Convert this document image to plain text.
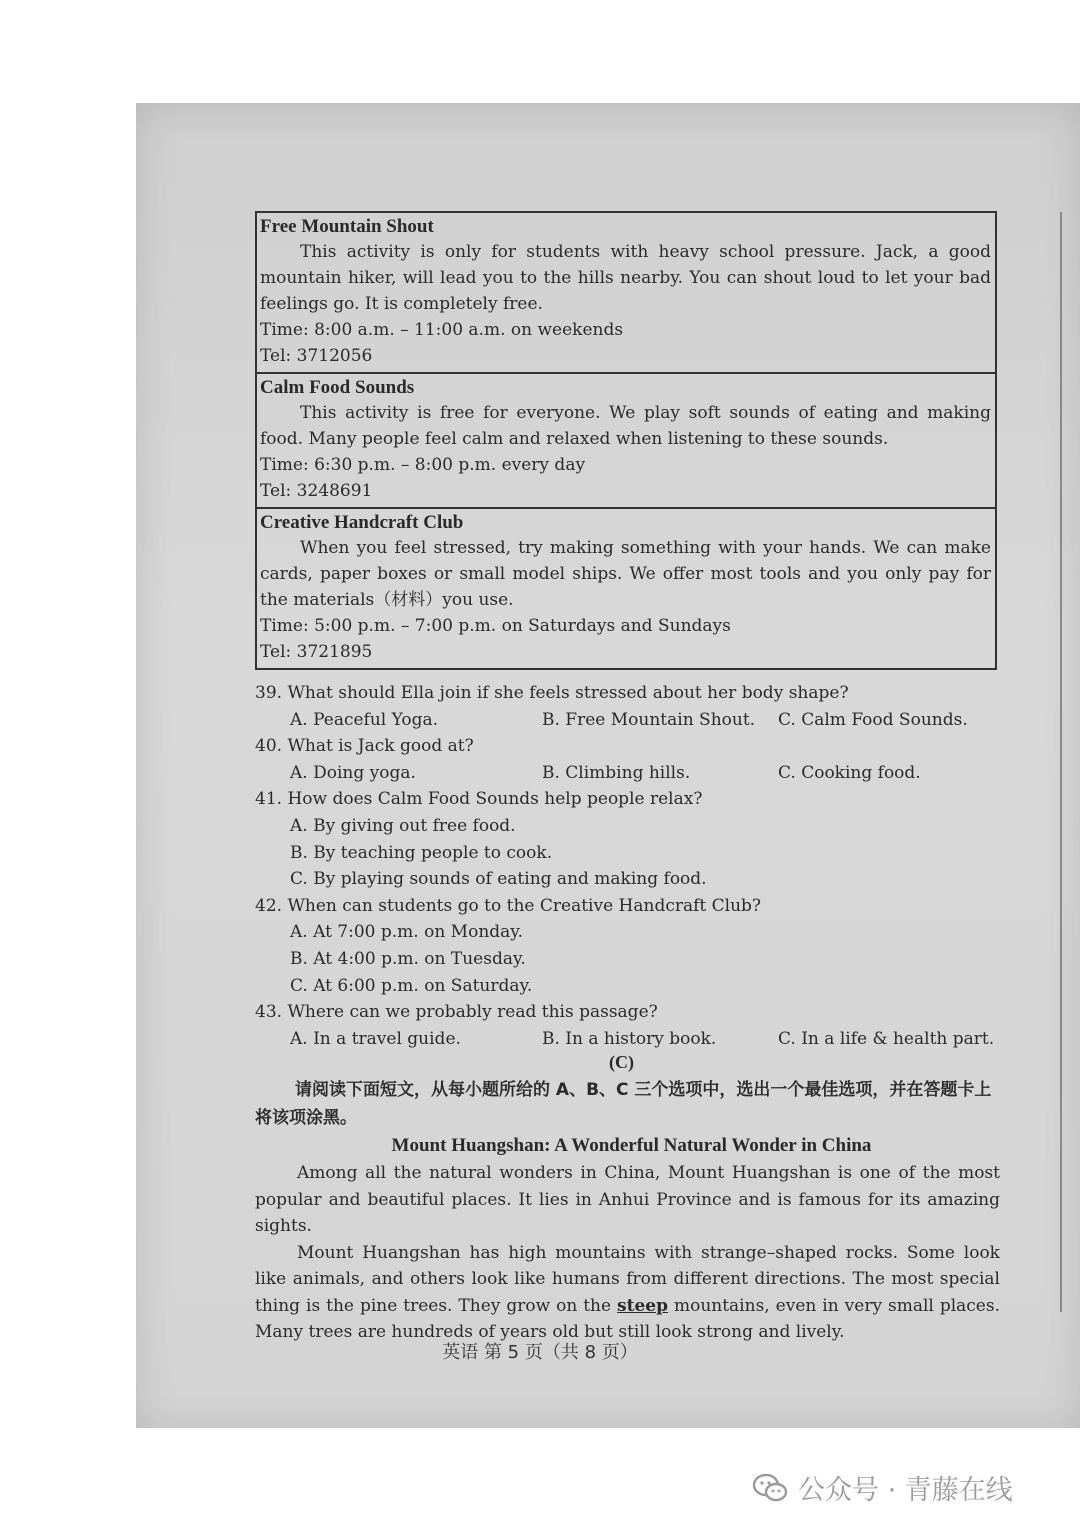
Free Mountain Shout
This activity is only for students with heavy school pressure. Jack, a good mountain hiker, will lead you to the hills nearby. You can shout loud to let your bad feelings go. It is completely free.
Time: 8:00 a.m. – 11:00 a.m. on weekends
Tel: 3712056
Calm Food Sounds
This activity is free for everyone. We play soft sounds of eating and making food. Many people feel calm and relaxed when listening to these sounds.
Time: 6:30 p.m. – 8:00 p.m. every day
Tel: 3248691
Creative Handcraft Club
When you feel stressed, try making something with your hands. We can make cards, paper boxes or small model ships. We offer most tools and you only pay for the materials（材料）you use.
Time: 5:00 p.m. – 7:00 p.m. on Saturdays and Sundays
Tel: 3721895
39. What should Ella join if she feels stressed about her body shape?
A. Peaceful Yoga.	B. Free Mountain Shout.	C. Calm Food Sounds.
40. What is Jack good at?
A. Doing yoga.	B. Climbing hills.	C. Cooking food.
41. How does Calm Food Sounds help people relax?
A. By giving out free food.
B. By teaching people to cook.
C. By playing sounds of eating and making food.
42. When can students go to the Creative Handcraft Club?
A. At 7:00 p.m. on Monday.
B. At 4:00 p.m. on Tuesday.
C. At 6:00 p.m. on Saturday.
43. Where can we probably read this passage?
A. In a travel guide.	B. In a history book.	C. In a life & health part.
(C)
请阅读下面短文，从每小题所给的 A、B、C 三个选项中，选出一个最佳选项，并在答题卡上将该项涂黑。
Mount Huangshan: A Wonderful Natural Wonder in China
Among all the natural wonders in China, Mount Huangshan is one of the most popular and beautiful places. It lies in Anhui Province and is famous for its amazing sights.
Mount Huangshan has high mountains with strange–shaped rocks. Some look like animals, and others look like humans from different directions. The most special thing is the pine trees. They grow on the steep mountains, even in very small places. Many trees are hundreds of years old but still look strong and lively.
英语 第 5 页（共 8 页）
公众号 · 青藤在线
